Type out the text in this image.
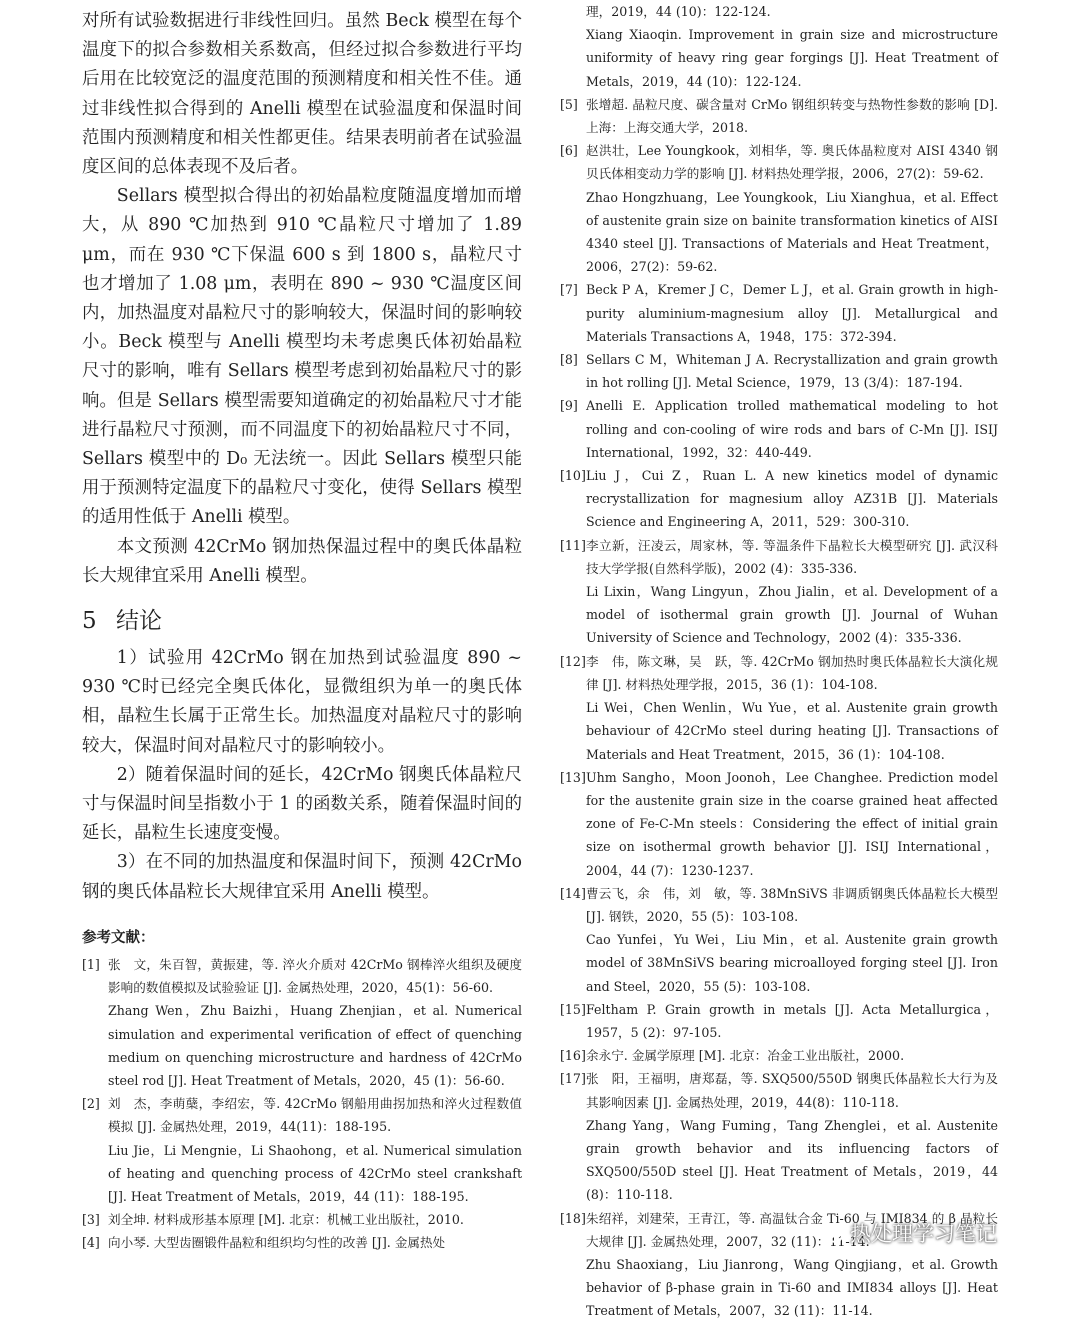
对所有试验数据进行非线性回归。虽然 Beck 模型在每个温度下的拟合参数相关系数高，但经过拟合参数进行平均后用在比较宽泛的温度范围的预测精度和相关性不佳。通过非线性拟合得到的 Anelli 模型在试验温度和保温时间范围内预测精度和相关性都更佳。结果表明前者在试验温度区间的总体表现不及后者。

Sellars 模型拟合得出的初始晶粒度随温度增加而增大，从 890 ℃加热到 910 ℃晶粒尺寸增加了 1.89 μm，而在 930 ℃下保温 600 s 到 1800 s，晶粒尺寸也才增加了 1.08 μm，表明在 890 ~ 930 ℃温度区间内，加热温度对晶粒尺寸的影响较大，保温时间的影响较小。Beck 模型与 Anelli 模型均未考虑奥氏体初始晶粒尺寸的影响，唯有 Sellars 模型考虑到初始晶粒尺寸的影响。但是 Sellars 模型需要知道确定的初始晶粒尺寸才能进行晶粒尺寸预测，而不同温度下的初始晶粒尺寸不同，Sellars 模型中的 D₀ 无法统一。因此 Sellars 模型只能用于预测特定温度下的晶粒尺寸变化，使得 Sellars 模型的适用性低于 Anelli 模型。

本文预测 42CrMo 钢加热保温过程中的奥氏体晶粒长大规律宜采用 Anelli 模型。

5 结论

1）试验用 42CrMo 钢在加热到试验温度 890 ~ 930 ℃时已经完全奥氏体化，显微组织为单一的奥氏体相，晶粒生长属于正常生长。加热温度对晶粒尺寸的影响较大，保温时间对晶粒尺寸的影响较小。

2）随着保温时间的延长，42CrMo 钢奥氏体晶粒尺寸与保温时间呈指数小于 1 的函数关系，随着保温时间的延长，晶粒生长速度变慢。

3）在不同的加热温度和保温时间下，预测 42CrMo 钢的奥氏体晶粒长大规律宜采用 Anelli 模型。

参考文献：
[1] 张　文，朱百智，黄振建，等. 淬火介质对 42CrMo 钢棒淬火组织及硬度影响的数值模拟及试验验证 [J]. 金属热处理，2020，45(1)：56-60.
Zhang Wen，Zhu Baizhi，Huang Zhenjian，et al. Numerical simulation and experimental verification of effect of quenching medium on quenching microstructure and hardness of 42CrMo steel rod [J]. Heat Treatment of Metals，2020，45 (1)：56-60.
[2] 刘　杰，李萌蘖，李绍宏，等. 42CrMo 钢船用曲拐加热和淬火过程数值模拟 [J]. 金属热处理，2019，44(11)：188-195.
Liu Jie，Li Mengnie，Li Shaohong，et al. Numerical simulation of heating and quenching process of 42CrMo steel crankshaft [J]. Heat Treatment of Metals，2019，44 (11)：188-195.
[3] 刘全坤. 材料成形基本原理 [M]. 北京：机械工业出版社，2010.
[4] 向小琴. 大型齿圈锻件晶粒和组织均匀性的改善 [J]. 金属热处
理，2019，44 (10)：122-124.
Xiang Xiaoqin. Improvement in grain size and microstructure uniformity of heavy ring gear forgings [J]. Heat Treatment of Metals，2019，44 (10)：122-124.
[5] 张增超. 晶粒尺度、碳含量对 CrMo 钢组织转变与热物性参数的影响 [D]. 上海：上海交通大学，2018.
[6] 赵洪壮，Lee Youngkook，刘相华，等. 奥氏体晶粒度对 AISI 4340 钢贝氏体相变动力学的影响 [J]. 材料热处理学报，2006，27(2)：59-62.
Zhao Hongzhuang，Lee Youngkook，Liu Xianghua，et al. Effect of austenite grain size on bainite transformation kinetics of AISI 4340 steel [J]. Transactions of Materials and Heat Treatment，2006，27(2)：59-62.
[7] Beck P A，Kremer J C，Demer L J，et al. Grain growth in high-purity aluminium-magnesium alloy [J]. Metallurgical and Materials Transactions A，1948，175：372-394.
[8] Sellars C M，Whiteman J A. Recrystallization and grain growth in hot rolling [J]. Metal Science，1979，13 (3/4)：187-194.
[9] Anelli E. Application trolled mathematical modeling to hot rolling and con-cooling of wire rods and bars of C-Mn [J]. ISIJ International，1992，32：440-449.
[10] Liu J，Cui Z，Ruan L. A new kinetics model of dynamic recrystallization for magnesium alloy AZ31B [J]. Materials Science and Engineering A，2011，529：300-310.
[11] 李立新，汪凌云，周家林，等. 等温条件下晶粒长大模型研究 [J]. 武汉科技大学学报(自然科学版)，2002 (4)：335-336.
Li Lixin，Wang Lingyun，Zhou Jialin，et al. Development of a model of isothermal grain growth [J]. Journal of Wuhan University of Science and Technology，2002 (4)：335-336.
[12] 李　伟，陈文琳，吴　跃，等. 42CrMo 钢加热时奥氏体晶粒长大演化规律 [J]. 材料热处理学报，2015，36 (1)：104-108.
Li Wei，Chen Wenlin，Wu Yue，et al. Austenite grain growth behaviour of 42CrMo steel during heating [J]. Transactions of Materials and Heat Treatment，2015，36 (1)：104-108.
[13] Uhm Sangho，Moon Joonoh，Lee Changhee. Prediction model for the austenite grain size in the coarse grained heat affected zone of Fe-C-Mn steels：Considering the effect of initial grain size on isothermal growth behavior [J]. ISIJ International，2004，44 (7)：1230-1237.
[14] 曹云飞，余　伟，刘　敏，等. 38MnSiVS 非调质钢奥氏体晶粒长大模型 [J]. 钢铁，2020，55 (5)：103-108.
Cao Yunfei，Yu Wei，Liu Min，et al. Austenite grain growth model of 38MnSiVS bearing microalloyed forging steel [J]. Iron and Steel，2020，55 (5)：103-108.
[15] Feltham P. Grain growth in metals [J]. Acta Metallurgica，1957，5 (2)：97-105.
[16] 余永宁. 金属学原理 [M]. 北京：冶金工业出版社，2000.
[17] 张　阳，王福明，唐郑磊，等. SXQ500/550D 钢奥氏体晶粒长大行为及其影响因素 [J]. 金属热处理，2019，44(8)：110-118.
Zhang Yang，Wang Fuming，Tang Zhenglei，et al. Austenite grain growth behavior and its influencing factors of SXQ500/550D steel [J]. Heat Treatment of Metals，2019，44 (8)：110-118.
[18] 朱绍祥，刘建荣，王青江，等. 高温钛合金 Ti-60 与 IMI834 的 β 晶粒长大规律 [J]. 金属热处理，2007，32 (11)：11-14.
Zhu Shaoxiang，Liu Jianrong，Wang Qingjiang，et al. Growth behavior of β-phase grain in Ti-60 and IMI834 alloys [J]. Heat Treatment of Metals，2007，32 (11)：11-14.
热处理学习笔记
